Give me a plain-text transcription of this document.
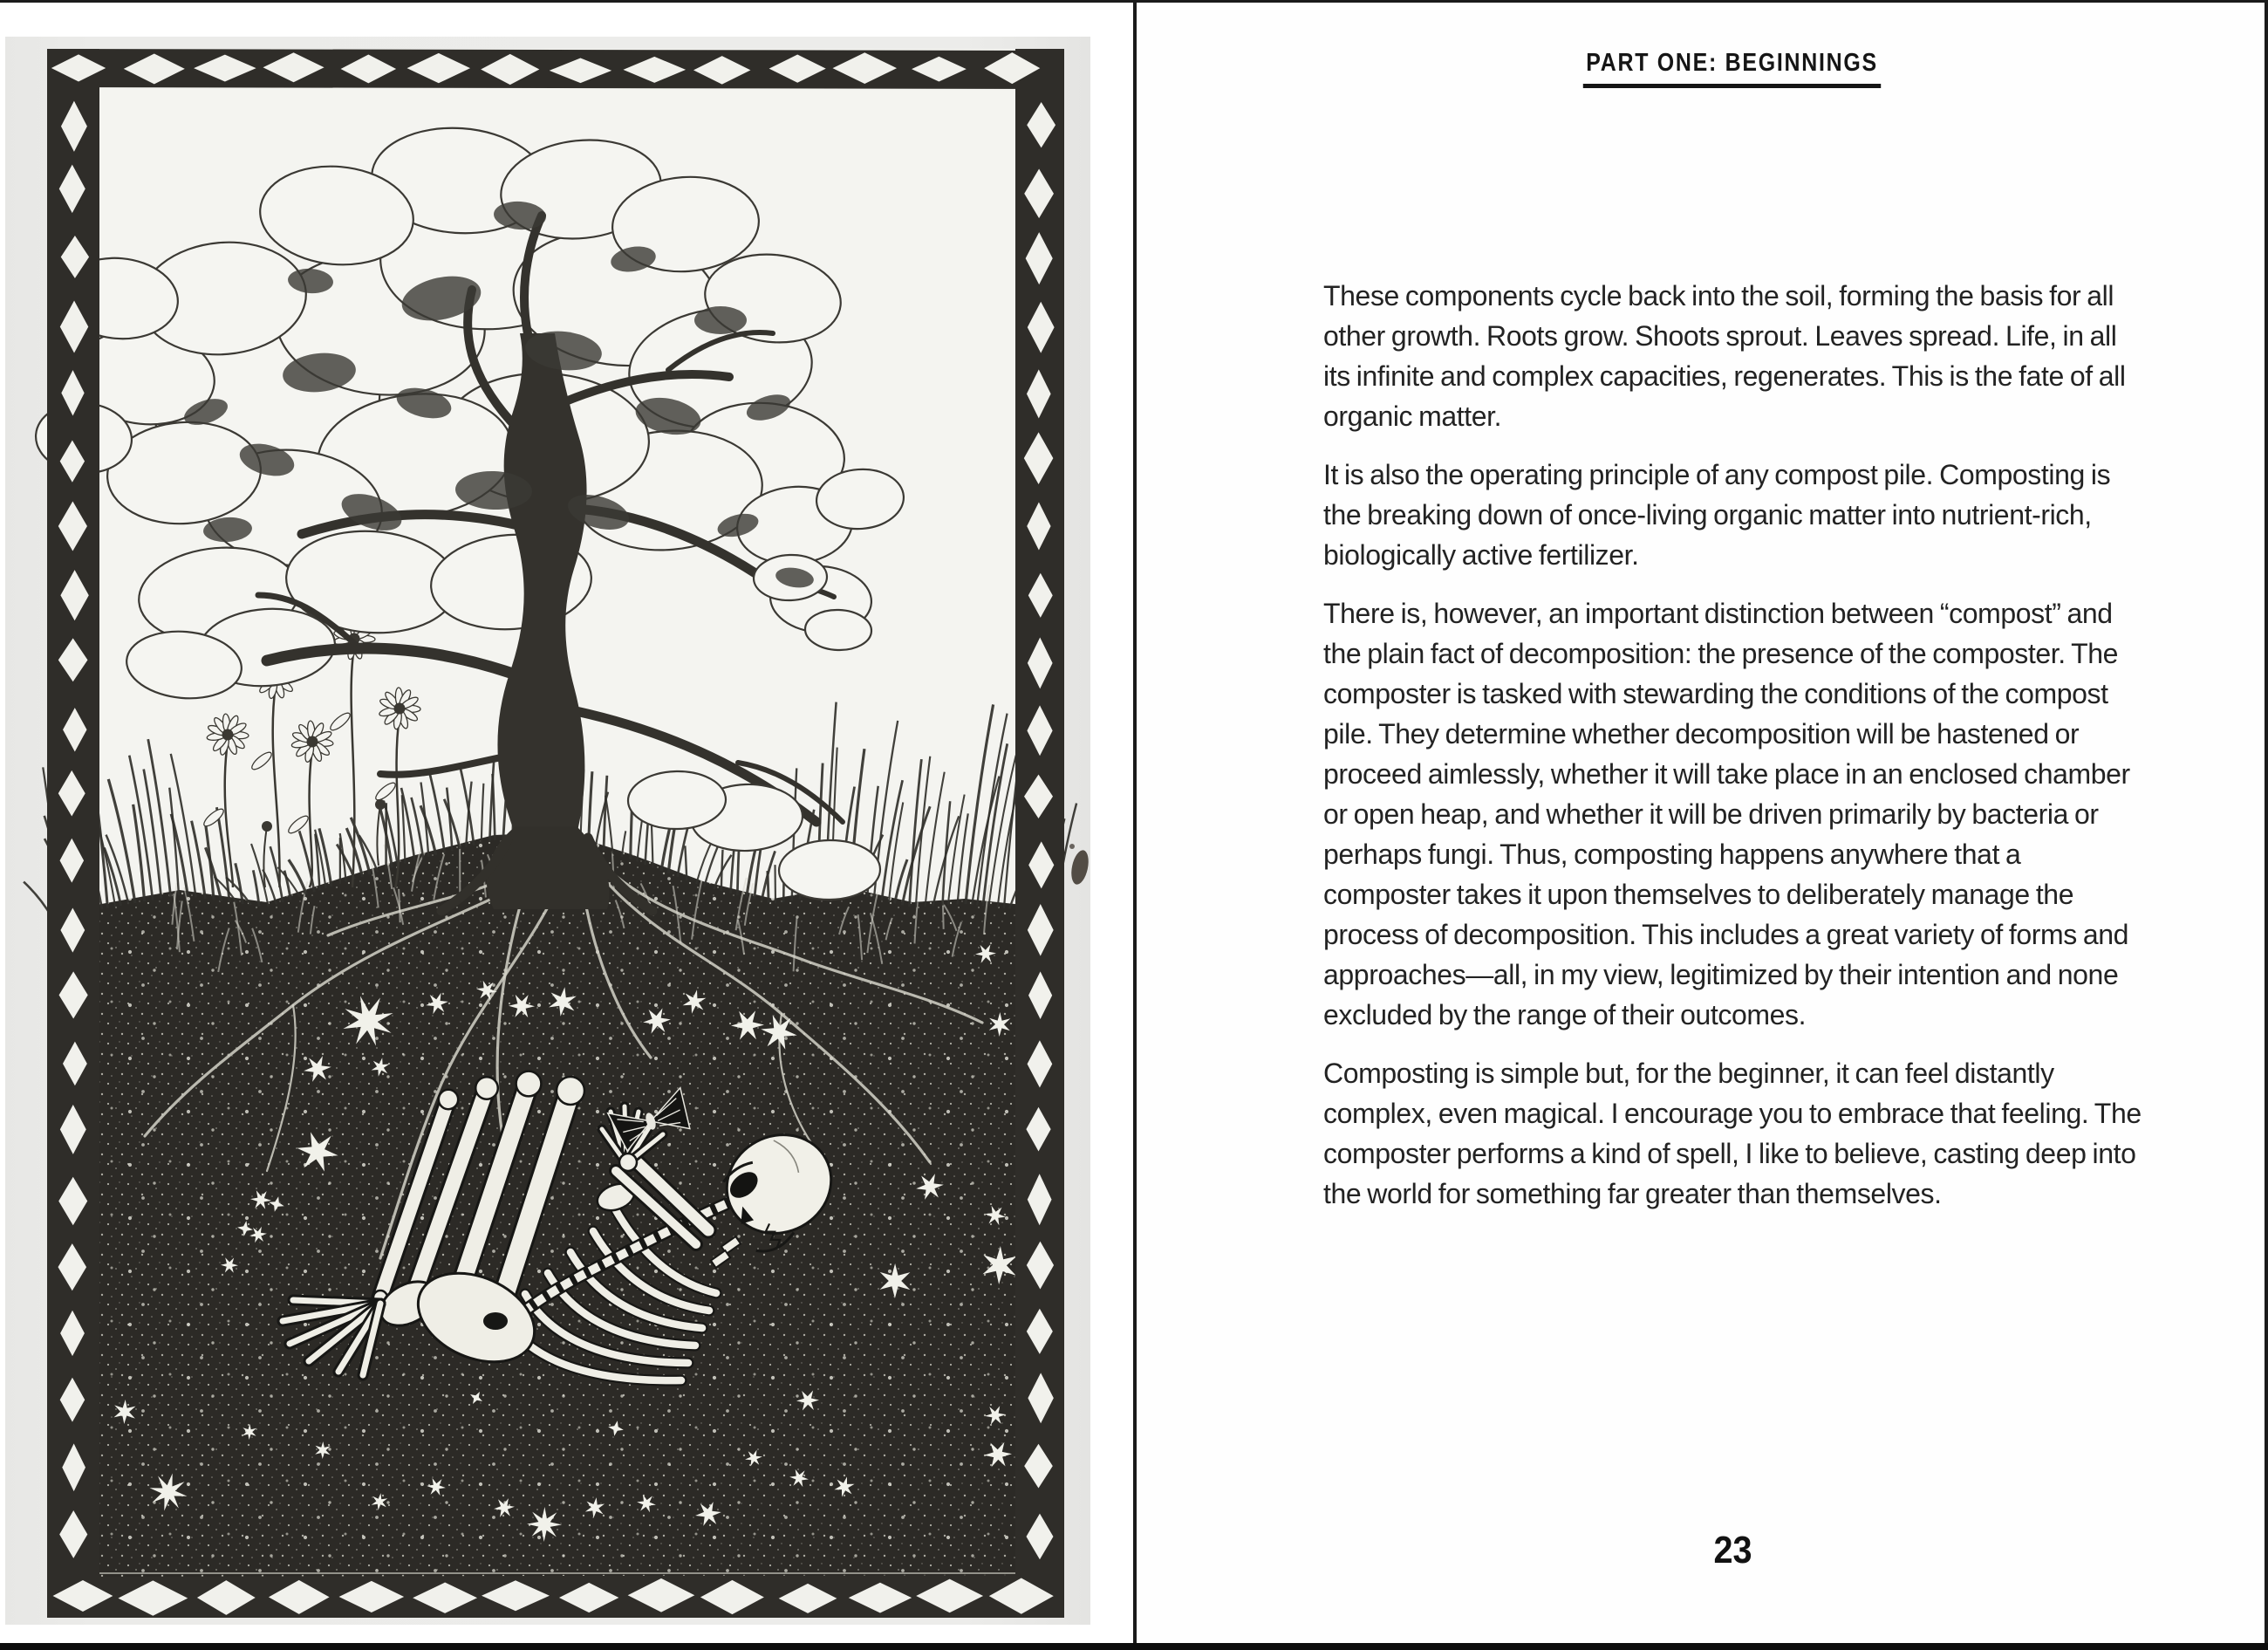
PART ONE: BEGINNINGS

These components cycle back into the soil, forming the basis for all other growth. Roots grow. Shoots sprout. Leaves spread. Life, in all its infinite and complex capacities, regenerates. This is the fate of all organic matter.

It is also the operating principle of any compost pile. Composting is the breaking down of once-living organic matter into nutrient-rich, biologically active fertilizer.

There is, however, an important distinction between “compost” and the plain fact of decomposition: the presence of the composter. The composter is tasked with stewarding the conditions of the compost pile. They determine whether decomposition will be hastened or proceed aimlessly, whether it will take place in an enclosed chamber or open heap, and whether it will be driven primarily by bacteria or perhaps fungi. Thus, composting happens anywhere that a composter takes it upon themselves to deliberately manage the process of decomposition. This includes a great variety of forms and approaches—all, in my view, legitimized by their intention and none excluded by the range of their outcomes.

Composting is simple but, for the beginner, it can feel distantly complex, even magical. I encourage you to embrace that feeling. The composter performs a kind of spell, I like to believe, casting deep into the world for something far greater than themselves.

23
